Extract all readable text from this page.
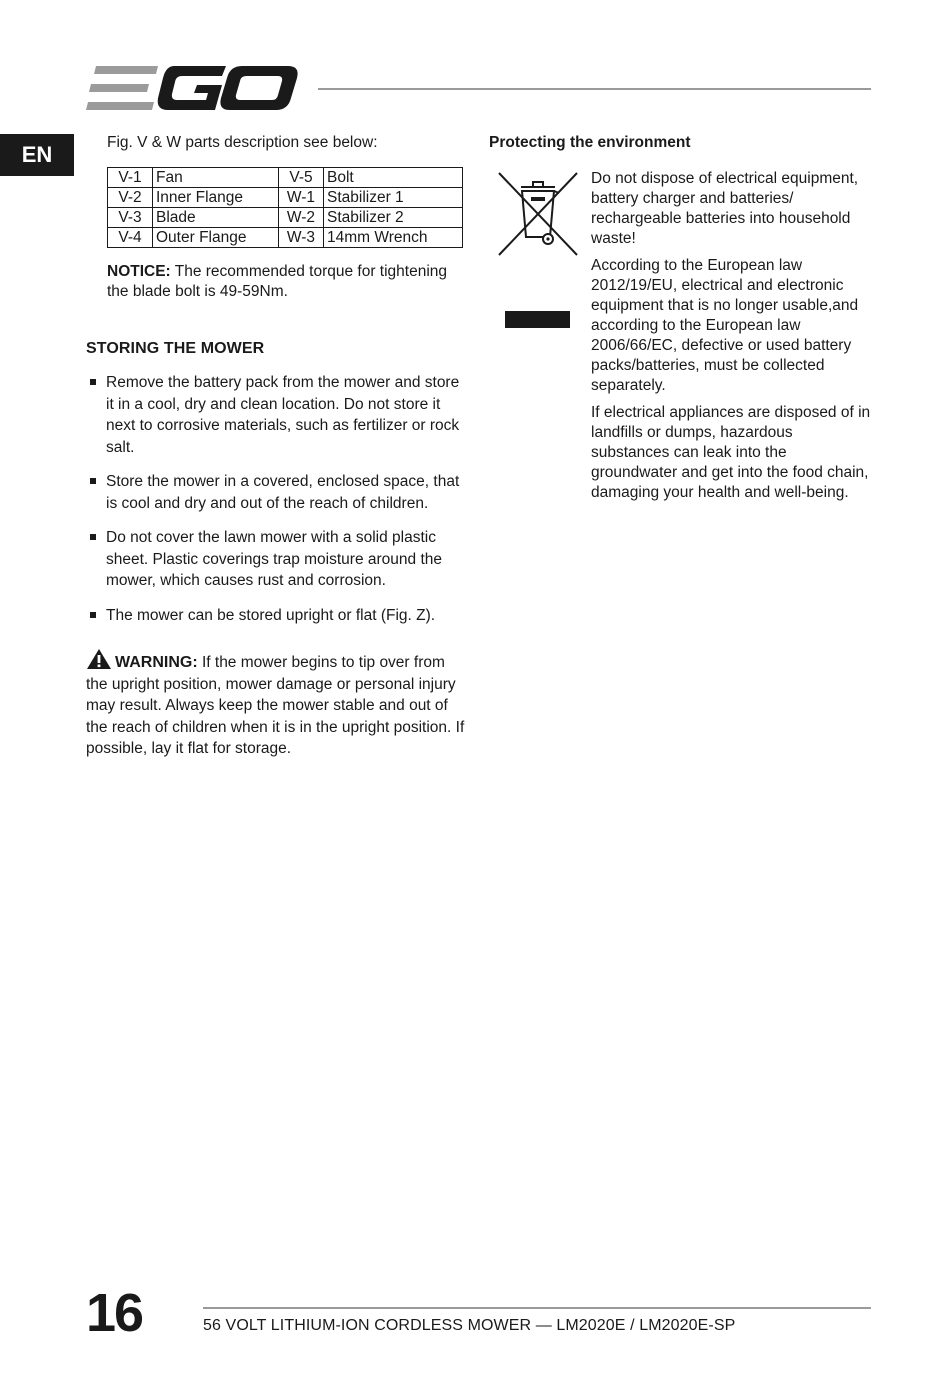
EN	Fig. V & W parts description see below:
V-1	Fan	V-5	Bolt
V-2	Inner Flange	W-1	Stabilizer 1
V-3	Blade	W-2	Stabilizer 2
V-4	Outer Flange	W-3	14mm Wrench
NOTICE: The recommended torque for tightening the blade bolt is 49-59Nm.
STORING THE MOWER
Remove the battery pack from the mower and store it in a cool, dry and clean location. Do not store it next to corrosive materials, such as fertilizer or rock salt.
Store the mower in a covered, enclosed space, that is cool and dry and out of the reach of children.
Do not cover the lawn mower with a solid plastic sheet. Plastic coverings trap moisture around the mower, which causes rust and corrosion.
The mower can be stored upright or flat (Fig. Z).
WARNING: If the mower begins to tip over from the upright position, mower damage or personal injury may result. Always keep the mower stable and out of the reach of children when it is in the upright position. If possible, lay it flat for storage.
Protecting the environment

Do not dispose of electrical equipment, battery charger and batteries/ rechargeable batteries into household waste!

According to the European law 2012/19/EU, electrical and electronic equipment that is no longer usable,and according to the European law 2006/66/EC, defective or used battery packs/batteries, must be collected separately.

If electrical appliances are disposed of in landfills or dumps, hazardous substances can leak into the groundwater and get into the food chain, damaging your health and well-being.

16	56 VOLT LITHIUM-ION CORDLESS MOWER — LM2020E / LM2020E-SP
